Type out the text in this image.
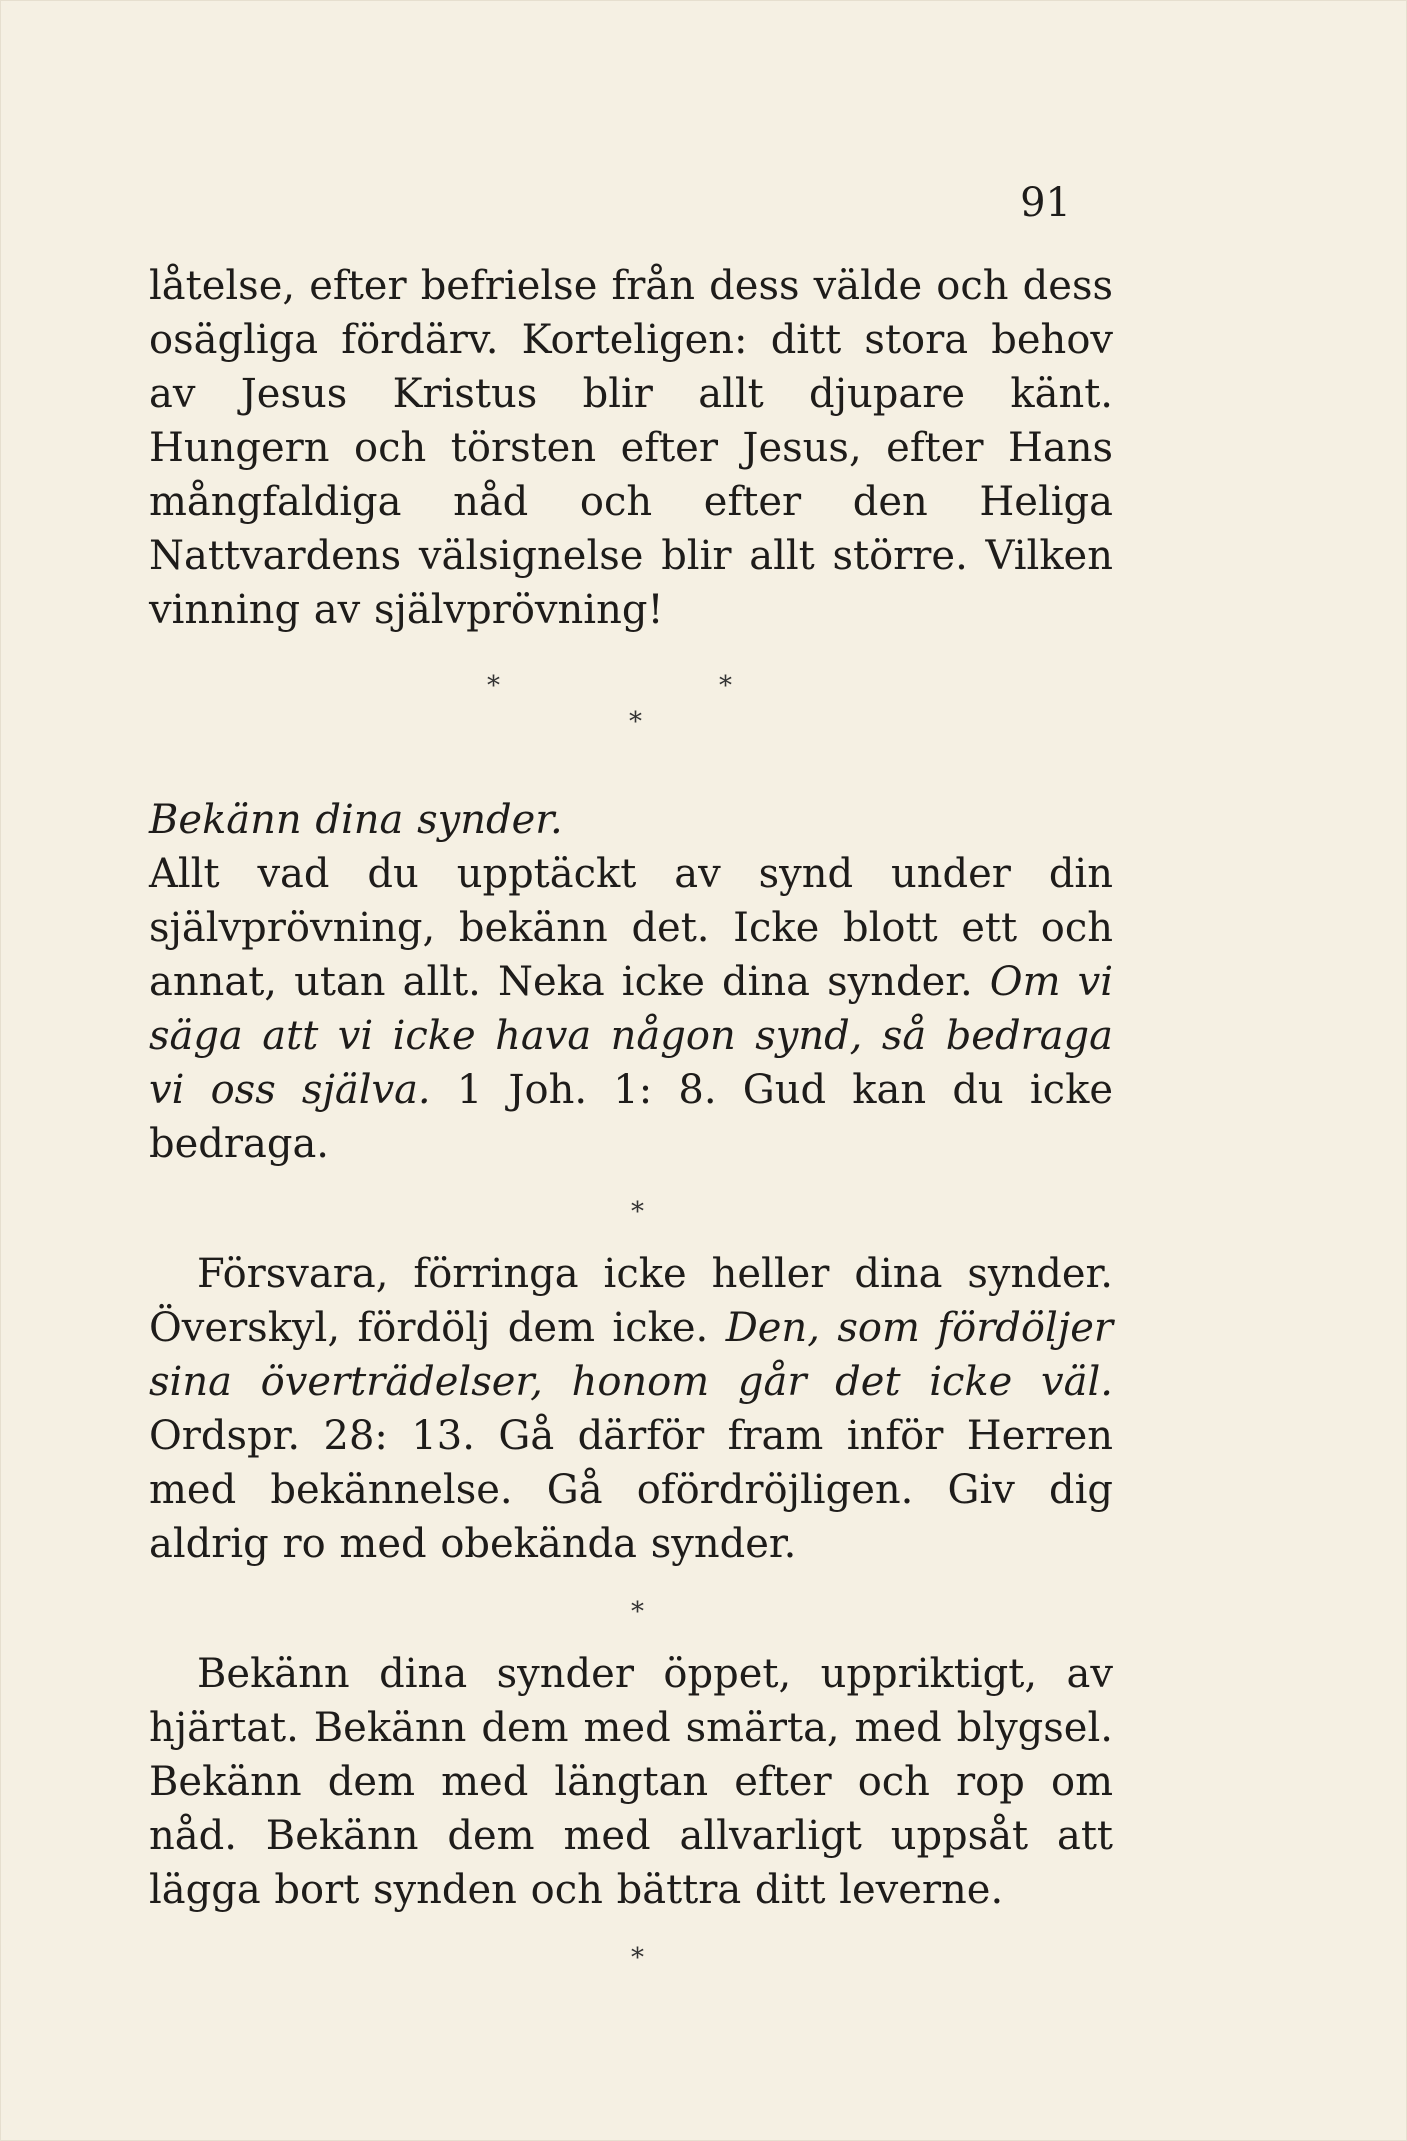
91

låtelse, efter befrielse från dess välde och dess osägliga fördärv. Korteligen: ditt stora behov av Jesus Kristus blir allt djupare känt. Hungern och törsten efter Jesus, efter Hans mångfaldiga nåd och efter den Heliga Nattvardens välsignelse blir allt större. Vilken vinning av självprövning!

*	*
*

Bekänn dina synder.

Allt vad du upptäckt av synd under din självprövning, bekänn det. Icke blott ett och annat, utan allt. Neka icke dina synder. Om vi säga att vi icke hava någon synd, så bedraga vi oss själva. 1 Joh. 1: 8. Gud kan du icke bedraga.

*

Försvara, förringa icke heller dina synder. Överskyl, fördölj dem icke. Den, som fördöljer sina överträdelser, honom går det icke väl. Ordspr. 28: 13. Gå därför fram inför Herren med bekännelse. Gå ofördröjligen. Giv dig aldrig ro med obekända synder.

*

Bekänn dina synder öppet, uppriktigt, av hjärtat. Bekänn dem med smärta, med blygsel. Bekänn dem med längtan efter och rop om nåd. Bekänn dem med allvarligt uppsåt att lägga bort synden och bättra ditt leverne.

*
